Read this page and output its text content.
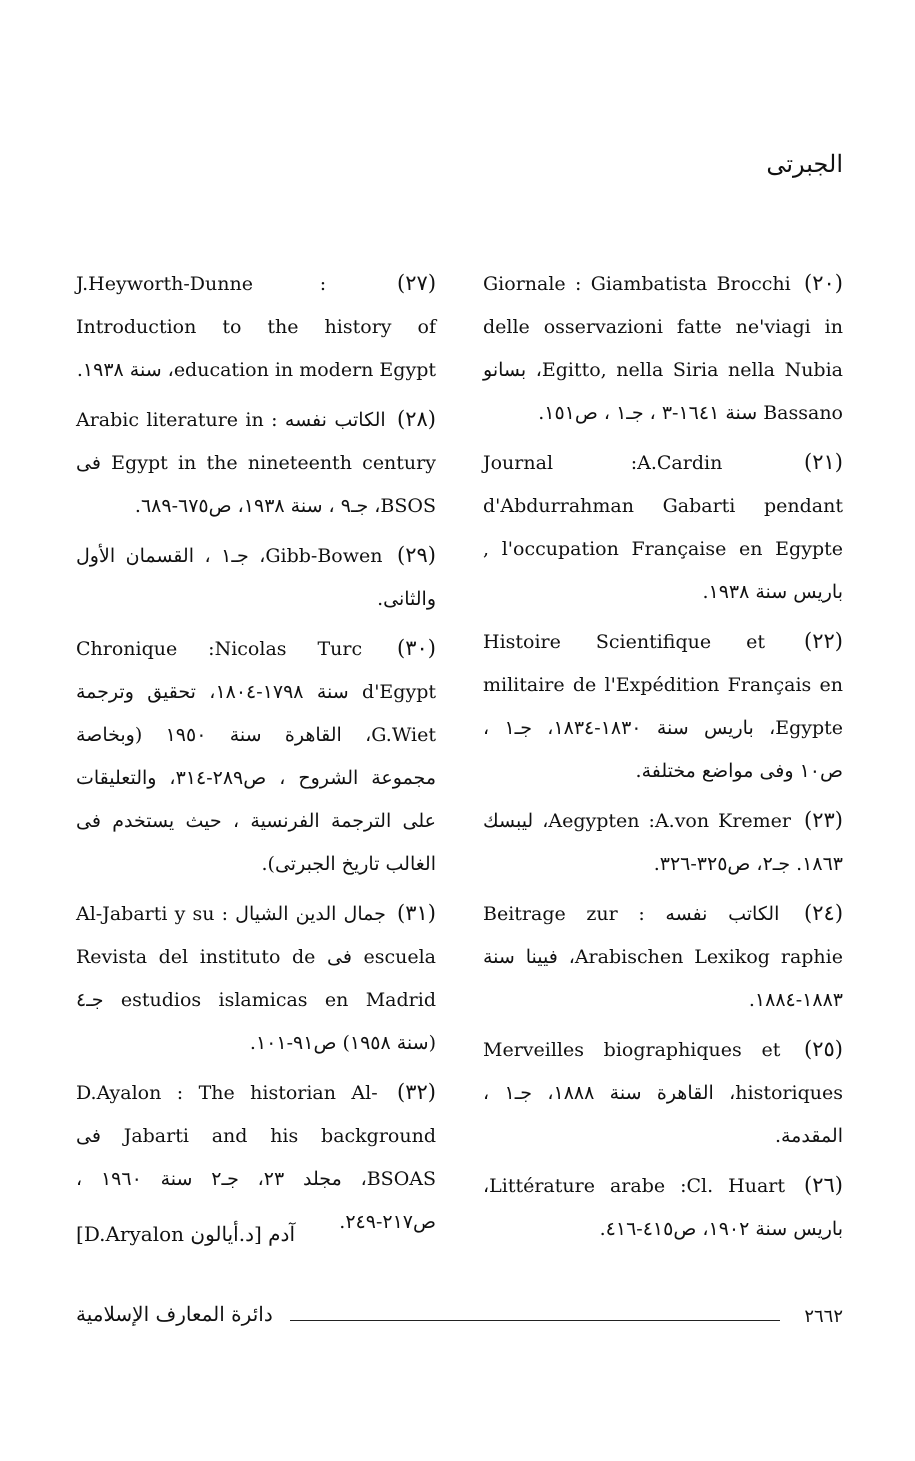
الجبرتى
(٢٠) Giornale : Giambatista Brocchi delle osservazioni fatte ne'viagi in Egitto, nella Siria nella Nubia، بسانو Bassano سنة ١٦٤١-٣ ، جـ١ ، ص١٥١.
(٢١) Journal :A.Cardin d'Abdurrahman Gabarti pendant l'occupation Française en Egypte , باريس سنة ١٩٣٨.
(٢٢) Histoire Scientifique et militaire de l'Expédition Français en Egypte، باريس سنة ١٨٣٠-١٨٣٤، جـ١ ، ص١٠ وفى مواضع مختلفة.
(٢٣) Aegypten :A.von Kremer، ليبسك ١٨٦٣. جـ٢، ص٣٢٥-٣٢٦.
(٢٤) الكاتب نفسه : Beitrage zur Arabischen Lexikog raphie، فيينا سنة ١٨٨٣-١٨٨٤.
(٢٥) Merveilles biographiques et historiques، القاهرة سنة ١٨٨٨، جـ١ ، المقدمة.
(٢٦) Littérature arabe :Cl. Huart، باريس سنة ١٩٠٢، ص٤١٥-٤١٦.
(٢٧) J.Heyworth-Dunne : Introduction to the history of education in modern Egypt، سنة ١٩٣٨.
(٢٨) الكاتب نفسه : Arabic literature in Egypt in the nineteenth century فى BSOS، جـ٩ ، سنة ١٩٣٨، ص٦٧٥-٦٨٩.
(٢٩) Gibb-Bowen، جـ١ ، القسمان الأول والثانى.
(٣٠) Chronique :Nicolas Turc d'Egypt سنة ١٧٩٨-١٨٠٤، تحقيق وترجمة G.Wiet، القاهرة سنة ١٩٥٠ (وبخاصة مجموعة الشروح ، ص٢٨٩-٣١٤، والتعليقات على الترجمة الفرنسية ، حيث يستخدم فى الغالب تاريخ الجبرتى).
(٣١) جمال الدين الشيال : Al-Jabarti y su escuela فى Revista del instituto de estudios islamicas en Madrid جـ٤ (سنة ١٩٥٨) ص٩١-١٠١.
(٣٢) D.Ayalon : The historian Al-Jabarti and his background فى BSOAS، مجلد ٢٣، جـ٢ سنة ١٩٦٠ ، ص٢١٧-٢٤٩.
آدم [د.أيالون D.Aryalon]
دائرة المعارف الإسلامية	٢٦٦٢
